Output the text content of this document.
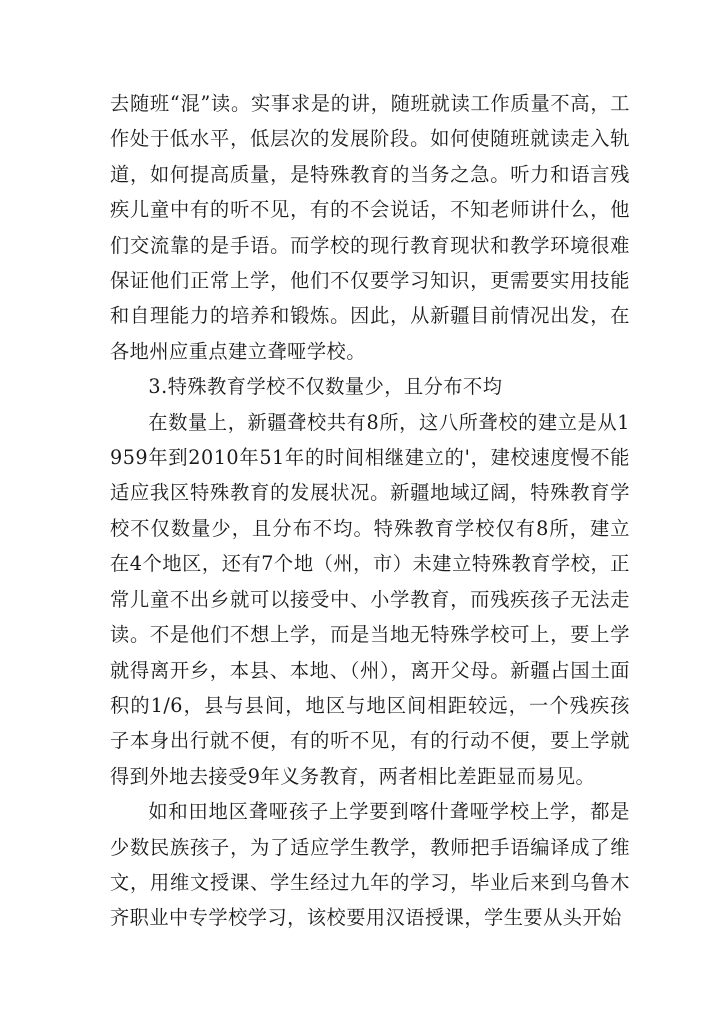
去随班“混”读。实事求是的讲，随班就读工作质量不高，工作处于低水平，低层次的发展阶段。如何使随班就读走入轨道，如何提高质量，是特殊教育的当务之急。听力和语言残疾儿童中有的听不见，有的不会说话，不知老师讲什么，他们交流靠的是手语。而学校的现行教育现状和教学环境很难保证他们正常上学，他们不仅要学习知识，更需要实用技能和自理能力的培养和锻炼。因此，从新疆目前情况出发，在各地州应重点建立聋哑学校。

3.特殊教育学校不仅数量少，且分布不均

在数量上，新疆聋校共有8所，这八所聋校的建立是从1959年到2010年51年的时间相继建立的'，建校速度慢不能适应我区特殊教育的发展状况。新疆地域辽阔，特殊教育学校不仅数量少，且分布不均。特殊教育学校仅有8所，建立在4个地区，还有7个地（州，市）未建立特殊教育学校，正常儿童不出乡就可以接受中、小学教育，而残疾孩子无法走读。不是他们不想上学，而是当地无特殊学校可上，要上学就得离开乡，本县、本地、（州），离开父母。新疆占国土面积的1/6，县与县间，地区与地区间相距较远，一个残疾孩子本身出行就不便，有的听不见，有的行动不便，要上学就得到外地去接受9年义务教育，两者相比差距显而易见。

如和田地区聋哑孩子上学要到喀什聋哑学校上学，都是少数民族孩子，为了适应学生教学，教师把手语编译成了维文，用维文授课、学生经过九年的学习，毕业后来到乌鲁木齐职业中专学校学习，该校要用汉语授课，学生要从头开始
